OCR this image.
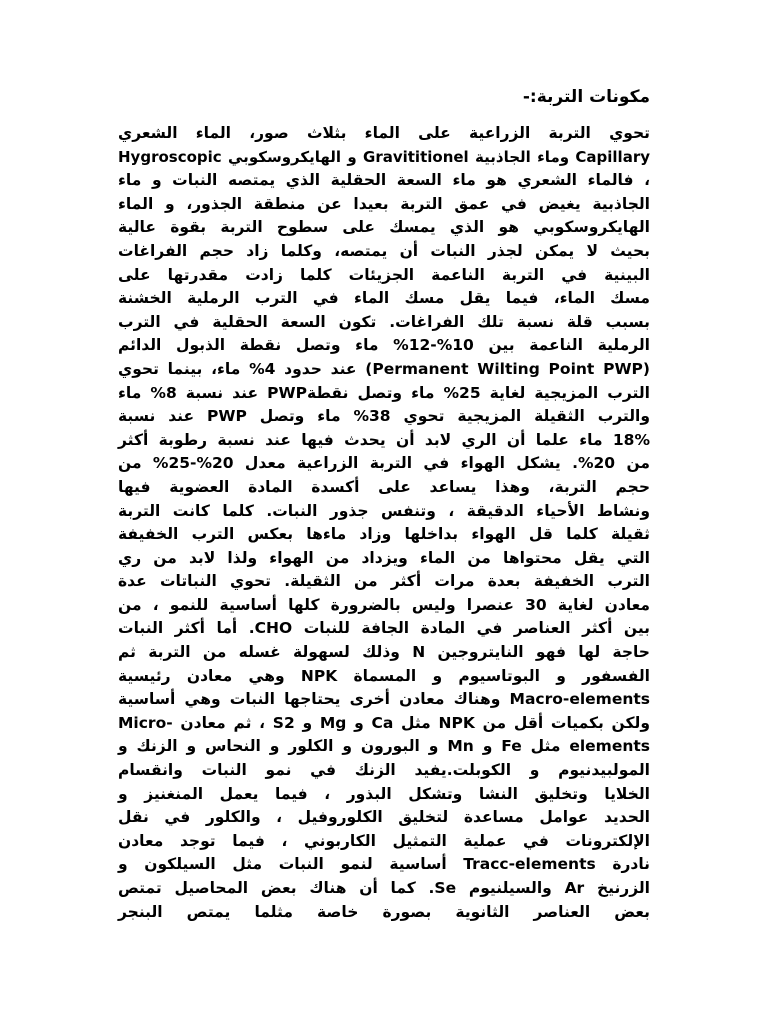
مكونات التربة:-
تحوي التربة الزراعية على الماء بثلاث صور، الماء الشعري
Capillary وماء الجاذبية Gravititionel و الهايكروسكوبي Hygroscopic
، فالماء الشعري هو ماء السعة الحقلية الذي يمتصه النبات و ماء
الجاذبية يغيض في عمق التربة بعيدا عن منطقة الجذور، و الماء
الهايكروسكوبي هو الذي يمسك على سطوح التربة بقوة عالية
بحيث لا يمكن لجذر النبات أن يمتصه، وكلما زاد حجم الفراغات
البينية في التربة الناعمة الجزيئات كلما زادت مقدرتها على
مسك الماء، فيما يقل مسك الماء في الترب الرملية الخشنة
بسبب قلة نسبة تلك الفراغات. تكون السعة الحقلية في الترب
الرملية الناعمة بين 10%-12% ماء وتصل نقطة الذبول الدائم
(Permanent Wilting Point PWP) عند حدود 4% ماء، بينما تحوي
الترب المزيجية لغاية 25% ماء وتصل نقطةPWP عند نسبة 8% ماء
والترب الثقيلة المزيجية تحوي 38% ماء وتصل PWP عند نسبة
18% ماء علما أن الري لابد أن يحدث فيها عند نسبة رطوبة أكثر
من 20%. يشكل الهواء في التربة الزراعية معدل 20%-25% من
حجم التربة، وهذا يساعد على أكسدة المادة العضوية فيها
ونشاط الأحياء الدقيقة ، وتنفس جذور النبات. كلما كانت التربة
ثقيلة كلما قل الهواء بداخلها وزاد ماءها بعكس الترب الخفيفة
التي يقل محتواها من الماء ويزداد من الهواء ولذا لابد من ري
الترب الخفيفة بعدة مرات أكثر من الثقيلة. تحوي النباتات عدة
معادن لغاية 30 عنصرا وليس بالضرورة كلها أساسية للنمو ، من
بين أكثر العناصر في المادة الجافة للنبات CHO. أما أكثر النبات
حاجة لها فهو النايتروجين N وذلك لسهولة غسله من التربة ثم
الفسفور و البوتاسيوم و المسماة NPK وهي معادن رئيسية
Macro-elements وهناك معادن أخرى يحتاجها النبات وهي أساسية
ولكن بكميات أقل من NPK مثل Ca و Mg و S2 ، ثم معادن -Micro
elements مثل Fe و Mn و البورون و الكلور و النحاس و الزنك و
المولبيدنيوم و الكوبلت.يفيد الزنك في نمو النبات وانقسام
الخلايا وتخليق النشا وتشكل البذور ، فيما يعمل المنغنيز و
الحديد عوامل مساعدة لتخليق الكلوروفيل ، والكلور في نقل
الإلكترونات في عملية التمثيل الكاربوني ، فيما توجد معادن
نادرة Tracc-elements أساسية لنمو النبات مثل السيلكون و
الزرنيخ Ar والسيلنيوم Se. كما أن هناك بعض المحاصيل تمتص
بعض العناصر الثانوية بصورة خاصة مثلما يمتص البنجر
